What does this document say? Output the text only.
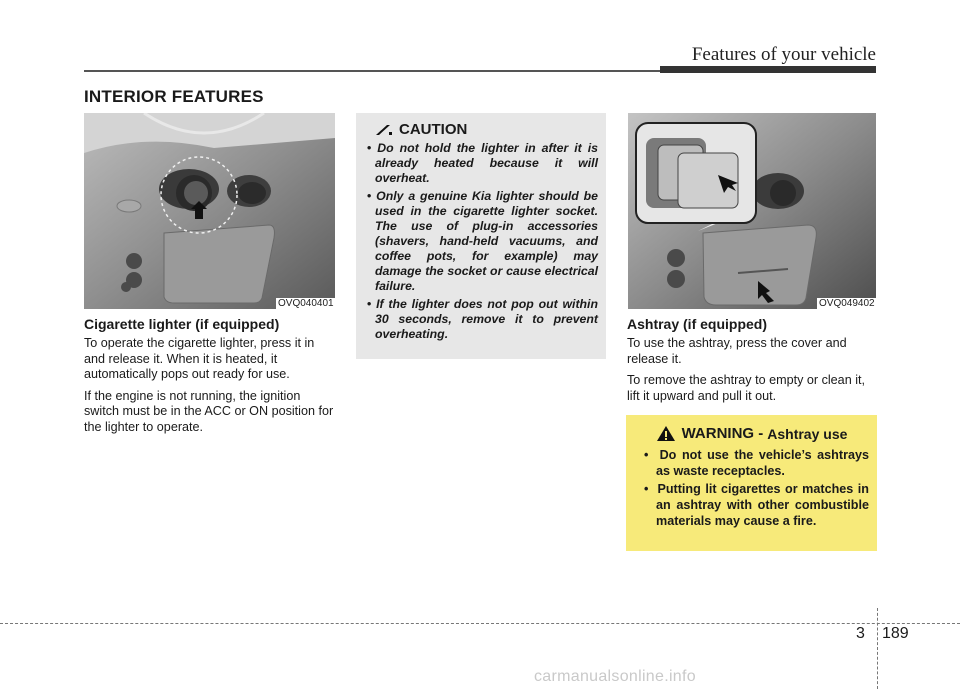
Features of your vehicle
INTERIOR FEATURES
OVQ040401
Cigarette lighter (if equipped)

To operate the cigarette lighter, press it in and release it. When it is heated, it automatically pops out ready for use.

If the engine is not running, the ignition switch must be in the ACC or ON position for the lighter to operate.

CAUTION
• Do not hold the lighter in after it is already heated because it will overheat.
• Only a genuine Kia lighter should be used in the cigarette lighter socket. The use of plug-in accessories (shavers, hand-held vacuums, and coffee pots, for example) may damage the socket or cause electrical failure.
• If the lighter does not pop out within 30 seconds, remove it to prevent overheating.
OVQ049402
Ashtray (if equipped)

To use the ashtray, press the cover and release it.

To remove the ashtray to empty or clean it, lift it upward and pull it out.

WARNING - Ashtray use
•  Do not use the vehicle’s ashtrays as waste receptacles.
•  Putting lit cigarettes or matches in an ashtray with other combustible materials may cause a fire.
3 189
carmanualsonline.info
